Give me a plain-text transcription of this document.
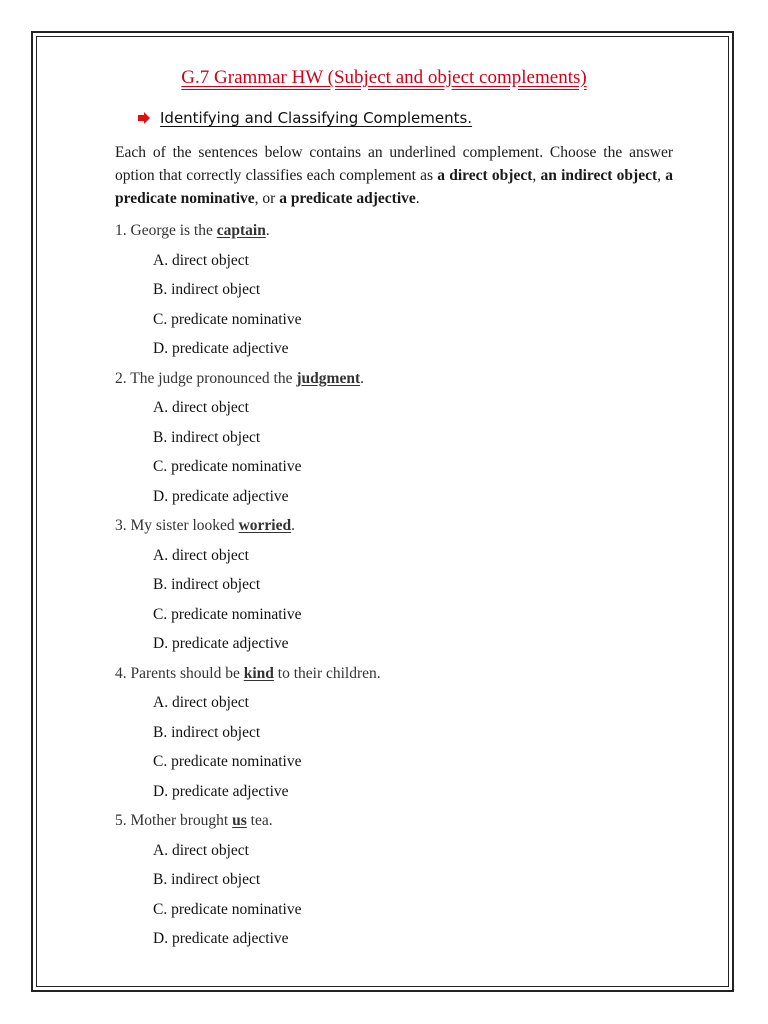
G.7 Grammar HW (Subject and object complements)
Identifying and Classifying Complements.

Each of the sentences below contains an underlined complement. Choose the answer option that correctly classifies each complement as a direct object, an indirect object, a predicate nominative, or a predicate adjective.

1. George is the captain.
A. direct object
B. indirect object
C. predicate nominative
D. predicate adjective
2. The judge pronounced the judgment.
A. direct object
B. indirect object
C. predicate nominative
D. predicate adjective
3. My sister looked worried.
A. direct object
B. indirect object
C. predicate nominative
D. predicate adjective
4. Parents should be kind to their children.
A. direct object
B. indirect object
C. predicate nominative
D. predicate adjective
5. Mother brought us tea.
A. direct object
B. indirect object
C. predicate nominative
D. predicate adjective
